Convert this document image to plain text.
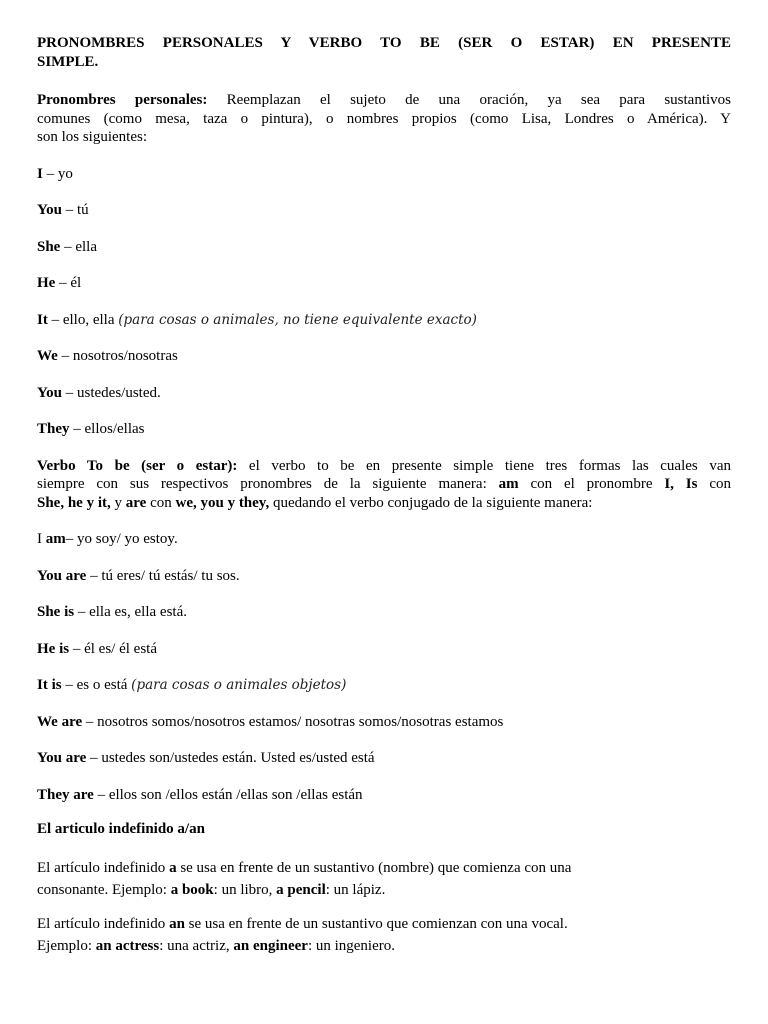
PRONOMBRES PERSONALES Y VERBO TO BE (SER O ESTAR) EN PRESENTE

SIMPLE.

Pronombres personales: Reemplazan el sujeto de una oración, ya sea para sustantivos

comunes (como mesa, taza o pintura), o nombres propios (como Lisa, Londres o América). Y

son los siguientes:

I – yo

You – tú

She – ella

He – él

It – ello, ella (para cosas o animales, no tiene equivalente exacto)

We – nosotros/nosotras

You – ustedes/usted.

They – ellos/ellas

Verbo To be (ser o estar): el verbo to be en presente simple tiene tres formas las cuales van

siempre con sus respectivos pronombres de la siguiente manera: am con el pronombre I, Is con

She, he y it, y are con we, you y they, quedando el verbo conjugado de la siguiente manera:

I am– yo soy/ yo estoy.

You are – tú eres/ tú estás/ tu sos.

She is – ella es, ella está.

He is – él es/ él está

It is – es o está (para cosas o animales objetos)

We are – nosotros somos/nosotros estamos/ nosotras somos/nosotras estamos

You are – ustedes son/ustedes están. Usted es/usted está

They are – ellos son /ellos están /ellas son /ellas están

El articulo indefinido a/an

El artículo indefinido a se usa en frente de un sustantivo (nombre) que comienza con una

consonante. Ejemplo: a book: un libro, a pencil: un lápiz.

El artículo indefinido an se usa en frente de un sustantivo que comienzan con una vocal.

Ejemplo: an actress: una actriz, an engineer: un ingeniero.
